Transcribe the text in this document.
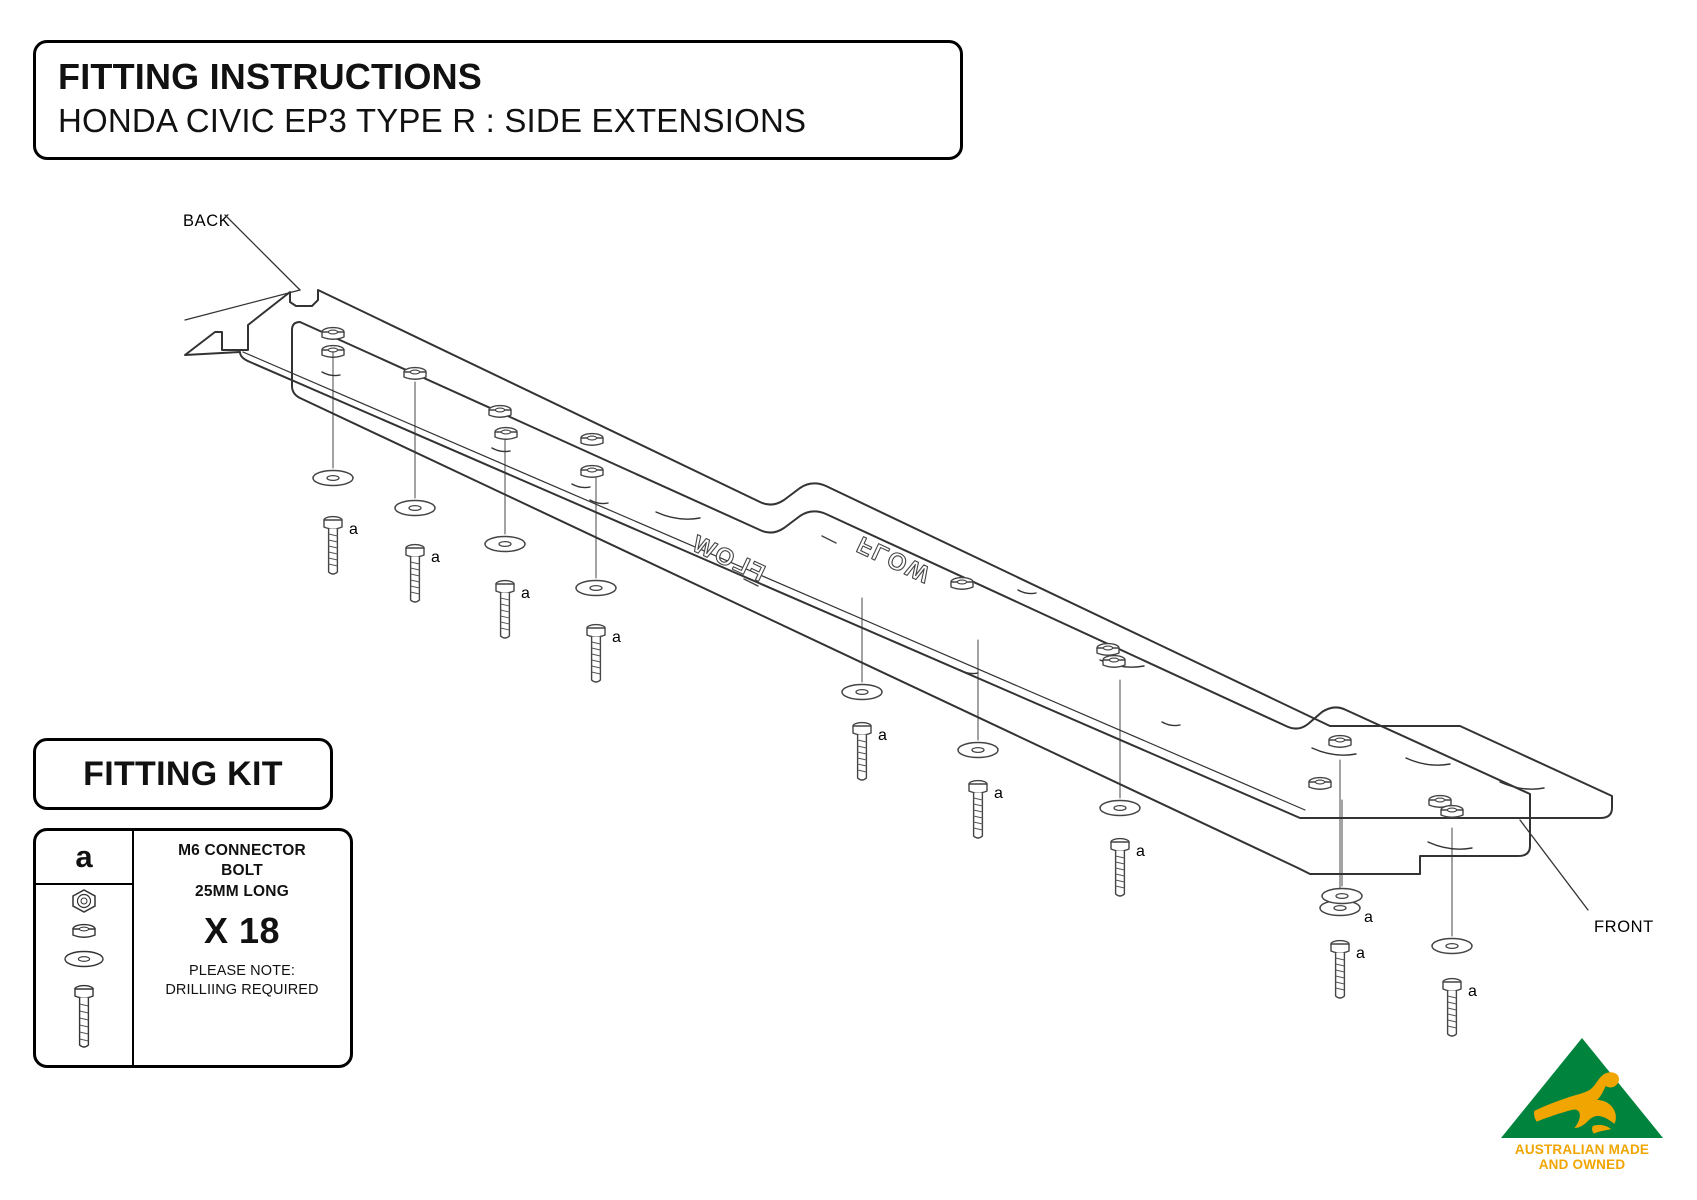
FITTING INSTRUCTIONS
HONDA CIVIC EP3 TYPE R : SIDE EXTENSIONS
BACK
FRONT
FLOW
FLOW
a
a
a
a
a
a
a
a
a
a
FITTING KIT
a	M6 CONNECTOR
BOLT
25MM LONG
X 18
PLEASE NOTE:
DRILLIING REQUIRED
AUSTRALIAN MADE
AND OWNED
